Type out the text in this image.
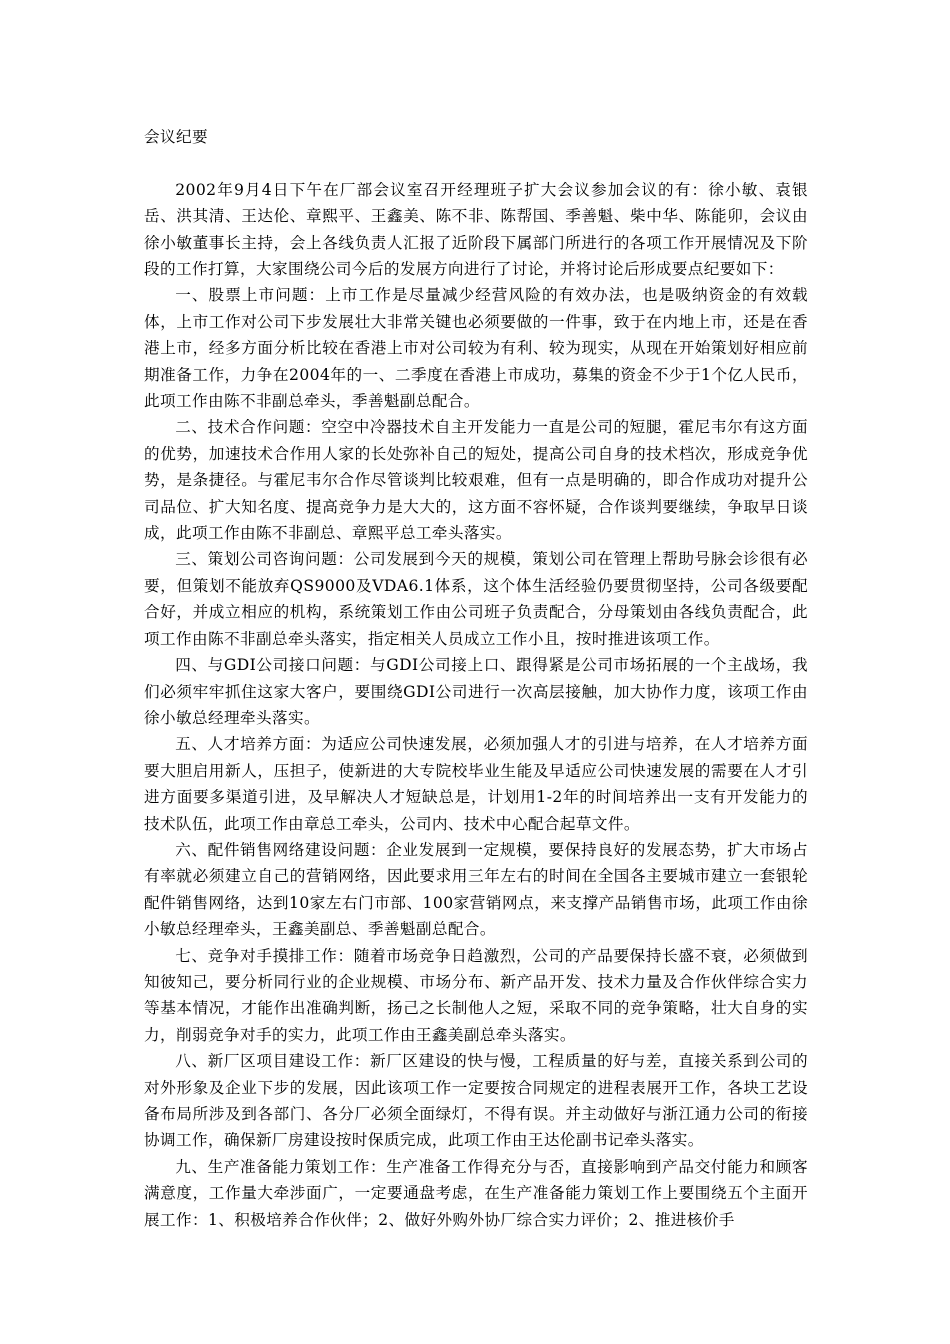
会议纪要

2002年9月4日下午在厂部会议室召开经理班子扩大会议参加会议的有：徐小敏、袁银岳、洪其清、王达伦、章熙平、王鑫美、陈不非、陈帮国、季善魁、柴中华、陈能卯，会议由徐小敏董事长主持，会上各线负责人汇报了近阶段下属部门所进行的各项工作开展情况及下阶段的工作打算，大家围绕公司今后的发展方向进行了讨论，并将讨论后形成要点纪要如下：

一、股票上市问题：上市工作是尽量减少经营风险的有效办法，也是吸纳资金的有效载体，上市工作对公司下步发展壮大非常关键也必须要做的一件事，致于在内地上市，还是在香港上市，经多方面分析比较在香港上市对公司较为有利、较为现实，从现在开始策划好相应前期准备工作，力争在2004年的一、二季度在香港上市成功，募集的资金不少于1个亿人民币，此项工作由陈不非副总牵头，季善魁副总配合。

二、技术合作问题：空空中冷器技术自主开发能力一直是公司的短腿，霍尼韦尔有这方面的优势，加速技术合作用人家的长处弥补自己的短处，提高公司自身的技术档次，形成竞争优势，是条捷径。与霍尼韦尔合作尽管谈判比较艰难，但有一点是明确的，即合作成功对提升公司品位、扩大知名度、提高竞争力是大大的，这方面不容怀疑，合作谈判要继续，争取早日谈成，此项工作由陈不非副总、章熙平总工牵头落实。

三、策划公司咨询问题：公司发展到今天的规模，策划公司在管理上帮助号脉会诊很有必要，但策划不能放弃QS9000及VDA6.1体系，这个体生活经验仍要贯彻坚持，公司各级要配合好，并成立相应的机构，系统策划工作由公司班子负责配合，分母策划由各线负责配合，此项工作由陈不非副总牵头落实，指定相关人员成立工作小且，按时推进该项工作。

四、与GDI公司接口问题：与GDI公司接上口、跟得紧是公司市场拓展的一个主战场，我们必须牢牢抓住这家大客户，要围绕GDI公司进行一次高层接触，加大协作力度，该项工作由徐小敏总经理牵头落实。

五、人才培养方面：为适应公司快速发展，必须加强人才的引进与培养，在人才培养方面要大胆启用新人，压担子，使新进的大专院校毕业生能及早适应公司快速发展的需要在人才引进方面要多渠道引进，及早解决人才短缺总是，计划用1-2年的时间培养出一支有开发能力的技术队伍，此项工作由章总工牵头，公司内、技术中心配合起草文件。

六、配件销售网络建设问题：企业发展到一定规模，要保持良好的发展态势，扩大市场占有率就必须建立自己的营销网络，因此要求用三年左右的时间在全国各主要城市建立一套银轮配件销售网络，达到10家左右门市部、100家营销网点，来支撑产品销售市场，此项工作由徐小敏总经理牵头，王鑫美副总、季善魁副总配合。

七、竞争对手摸排工作：随着市场竞争日趋激烈，公司的产品要保持长盛不衰，必须做到知彼知己，要分析同行业的企业规模、市场分布、新产品开发、技术力量及合作伙伴综合实力等基本情况，才能作出准确判断，扬己之长制他人之短，采取不同的竞争策略，壮大自身的实力，削弱竞争对手的实力，此项工作由王鑫美副总牵头落实。

八、新厂区项目建设工作：新厂区建设的快与慢，工程质量的好与差，直接关系到公司的对外形象及企业下步的发展，因此该项工作一定要按合同规定的进程表展开工作，各块工艺设备布局所涉及到各部门、各分厂必须全面绿灯，不得有误。并主动做好与浙江通力公司的衔接协调工作，确保新厂房建设按时保质完成，此项工作由王达伦副书记牵头落实。

九、生产准备能力策划工作：生产准备工作得充分与否，直接影响到产品交付能力和顾客满意度，工作量大牵涉面广，一定要通盘考虑，在生产准备能力策划工作上要围绕五个主面开展工作：1、积极培养合作伙伴；2、做好外购外协厂综合实力评价；2、推进核价手
